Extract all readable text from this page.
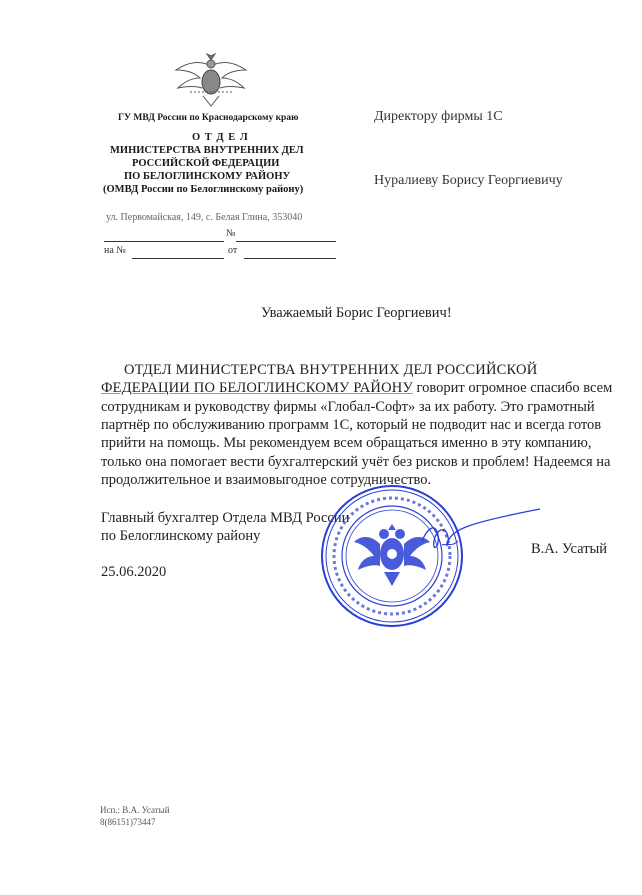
ГУ МВД России по Краснодарскому краю
О Т Д Е Л
МИНИСТЕРСТВА ВНУТРЕННИХ ДЕЛ
РОССИЙСКОЙ ФЕДЕРАЦИИ
ПО БЕЛОГЛИНСКОМУ РАЙОНУ
(ОМВД России по Белоглинскому району)
ул. Первомайская, 149, с. Белая Глина, 353040
№
на №	от
Директору фирмы 1С
Нуралиеву Борису Георгиевичу
Уважаемый Борис Георгиевич!
ОТДЕЛ МИНИСТЕРСТВА ВНУТРЕННИХ ДЕЛ РОССИЙСКОЙ
ФЕДЕРАЦИИ ПО БЕЛОГЛИНСКОМУ РАЙОНУ говорит огромное спасибо всем
сотрудникам и руководству фирмы «Глобал-Софт» за их работу. Это грамотный
партнёр по обслуживанию программ 1С, который не подводит нас и всегда готов
прийти на помощь. Мы рекомендуем всем обращаться именно в эту компанию,
только она помогает вести бухгалтерский учёт без рисков и проблем! Надеемся на
продолжительное и взаимовыгодное сотрудничество.
Главный бухгалтер Отдела МВД России
по Белоглинскому району
В.А. Усатый
25.06.2020
Исп.: В.А. Усатый
8(86151)73447
